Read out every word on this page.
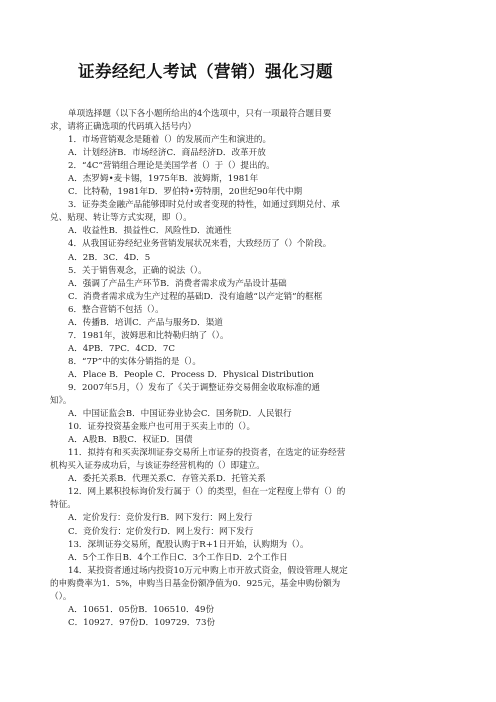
证券经纪人考试（营销）强化习题
单项选择题（以下各小题所给出的4个选项中，只有一项最符合题目要
求，请将正确选项的代码填入括号内）
1．市场营销观念是随着（）的发展而产生和演进的。
A．计划经济B．市场经济C．商品经济D．改革开放
2．“4C”营销组合理论是美国学者（）于（）提出的。
A．杰罗姆•麦卡锡，1975年B．波姆斯，1981年
C．比特勒，1981年D．罗伯特•劳特朋，20世纪90年代中期
3．证券类金融产品能够即时兑付或者变现的特性，如通过到期兑付、承
兑、贴现、转让等方式实现，即（）。
A．收益性B．损益性C．风险性D．流通性
4．从我国证券经纪业务营销发展状况来看，大致经历了（）个阶段。
A．2B．3C．4D．5
5．关于销售观念，正确的说法（）。
A．强调了产品生产环节B．消费者需求成为产品设计基础
C．消费者需求成为生产过程的基础D．没有逾越“以产定销”的框框
6．整合营销不包括（）。
A．传播B．培训C．产品与服务D．渠道
7．1981年，波姆思和比特勒归纳了（）。
A．4PB．7PC．4CD．7C
8．“7P”中的实体分销指的是（）。
A．Place B．People C．Process D．Physical Distribution
9．2007年5月，（）发布了《关于调整证券交易佣金收取标准的通
知》。
A．中国证监会B．中国证券业协会C．国务院D．人民银行
10．证券投资基金账户也可用于买卖上市的（）。
A．A股B．B股C．权证D．国债
11．拟持有和买卖深圳证券交易所上市证券的投资者，在选定的证券经营
机构买入证券成功后，与该证券经营机构的（）即建立。
A．委托关系B．代理关系C．存管关系D．托管关系
12．网上累积投标询价发行属于（）的类型，但在一定程度上带有（）的
特征。
A．定价发行：竞价发行B．网下发行：网上发行
C．竞价发行：定价发行D．网上发行：网下发行
13．深圳证券交易所，配股认购于R+1日开始，认购期为（）。
A．5个工作日B．4个工作日C．3个工作日D．2个工作日
14．某投资者通过场内投资10万元申购上市开放式资金，假设管理人规定
的申购费率为1．5%，申购当日基金份额净值为0．925元，基金申购份额为
（）。
A．10651．05份B．106510．49份
C．10927．97份D．109729．73份
